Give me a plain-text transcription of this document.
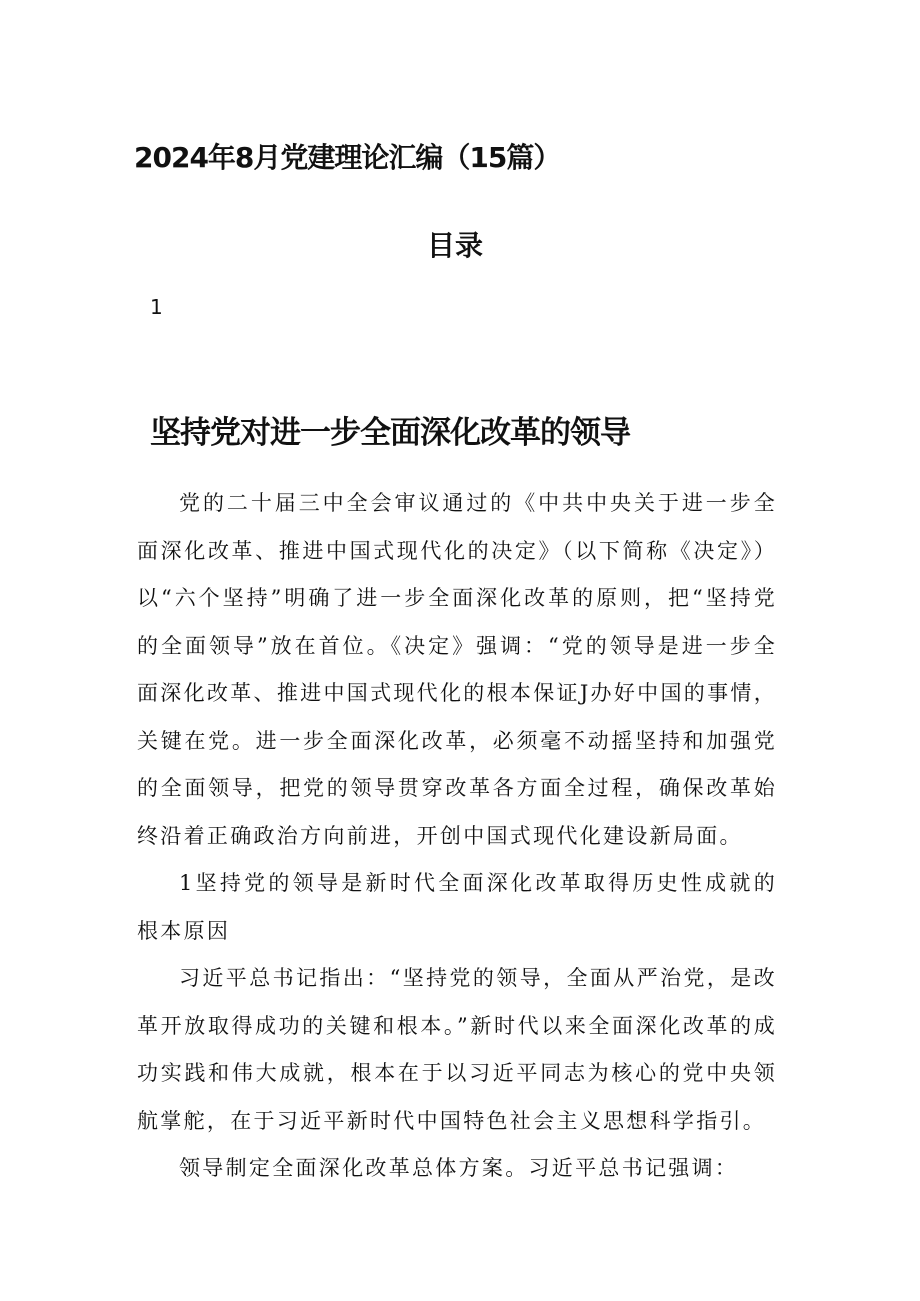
2024年8月党建理论汇编（15篇）
目录
1
坚持党对进一步全面深化改革的领导

党的二十届三中全会审议通过的《中共中央关于进一步全面深化改革、推进中国式现代化的决定》（以下简称《决定》）以“六个坚持”明确了进一步全面深化改革的原则，把“坚持党的全面领导”放在首位。《决定》强调：“党的领导是进一步全面深化改革、推进中国式现代化的根本保证J办好中国的事情，关键在党。进一步全面深化改革，必须毫不动摇坚持和加强党的全面领导，把党的领导贯穿改革各方面全过程，确保改革始终沿着正确政治方向前进，开创中国式现代化建设新局面。

1坚持党的领导是新时代全面深化改革取得历史性成就的根本原因

习近平总书记指出：“坚持党的领导，全面从严治党，是改革开放取得成功的关键和根本。”新时代以来全面深化改革的成功实践和伟大成就，根本在于以习近平同志为核心的党中央领航掌舵，在于习近平新时代中国特色社会主义思想科学指引。

领导制定全面深化改革总体方案。习近平总书记强调：
